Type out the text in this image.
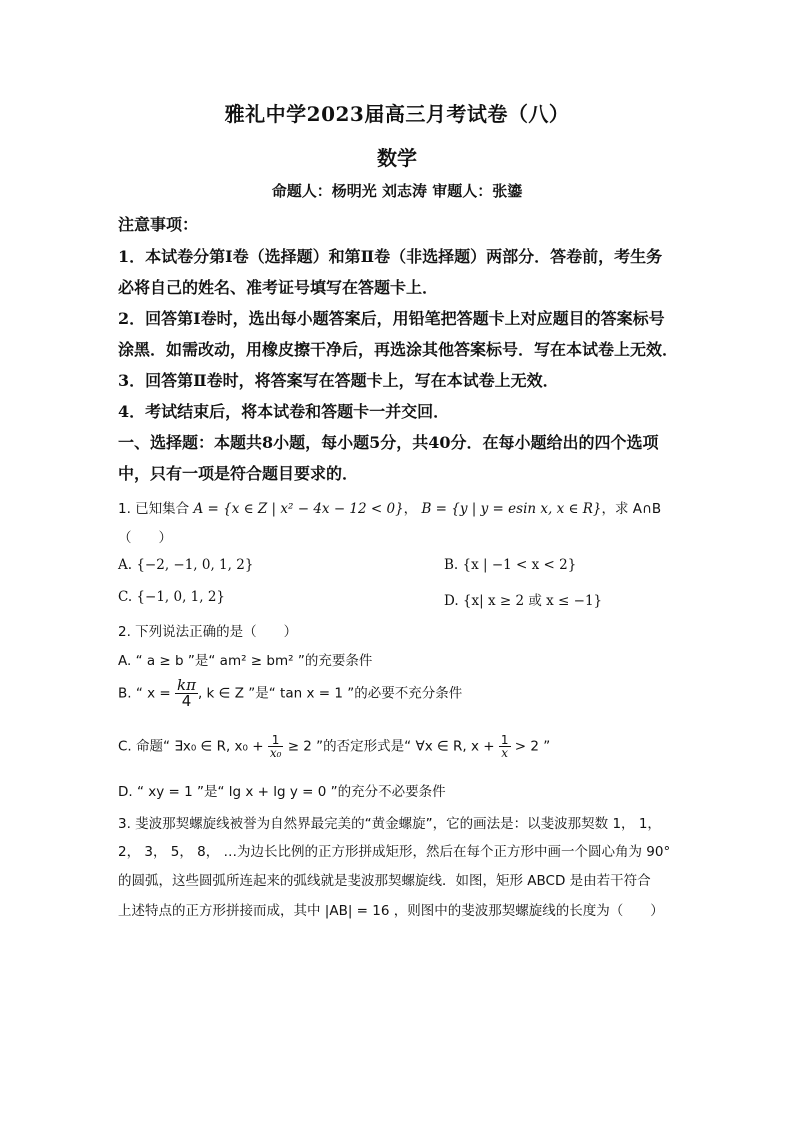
雅礼中学2023届高三月考试卷（八）
数学
命题人：杨明光 刘志涛 审题人：张鎏
注意事项：
1．本试卷分第Ⅰ卷（选择题）和第Ⅱ卷（非选择题）两部分．答卷前，考生务
必将自己的姓名、准考证号填写在答题卡上．
2．回答第Ⅰ卷时，选出每小题答案后，用铅笔把答题卡上对应题目的答案标号
涂黑．如需改动，用橡皮擦干净后，再选涂其他答案标号．写在本试卷上无效．
3．回答第Ⅱ卷时，将答案写在答题卡上，写在本试卷上无效．
4．考试结束后，将本试卷和答题卡一并交回．
一、选择题：本题共8小题，每小题5分，共40分．在每小题给出的四个选项
中，只有一项是符合题目要求的．
1. 已知集合 A = {x ∈ Z | x² − 4x − 12 < 0}， B = {y | y = esin x, x ∈ R}，求 A∩B
（　　）
A. {−2, −1, 0, 1, 2}	B. {x | −1 < x < 2}
C. {−1, 0, 1, 2}	D. {x| x ≥ 2 或 x ≤ −1}
2. 下列说法正确的是（　　）
A. “ a ≥ b ”是“ am² ≥ bm² ”的充要条件
B. “ $x = \frac{k\pi}{4}$ , k ∈ Z ”是“ tan x = 1 ”的必要不充分条件
C. 命题“ ∃x₀ ∈ R, $x_0 + \frac{1}{\text{x₀}} \ge 2$ ”的否定形式是“ ∀x ∈ R, $x + \frac{1}{x} > 2$ ”
D. “ xy = 1 ”是“ lg x + lg y = 0 ”的充分不必要条件
3. 斐波那契螺旋线被誉为自然界最完美的“黄金螺旋”，它的画法是：以斐波那契数 1， 1，
2， 3， 5， 8， …为边长比例的正方形拼成矩形，然后在每个正方形中画一个圆心角为 90°
的圆弧，这些圆弧所连起来的弧线就是斐波那契螺旋线．如图，矩形 ABCD 是由若干符合
上述特点的正方形拼接而成，其中 |AB| = 16 ，则图中的斐波那契螺旋线的长度为（　　）
